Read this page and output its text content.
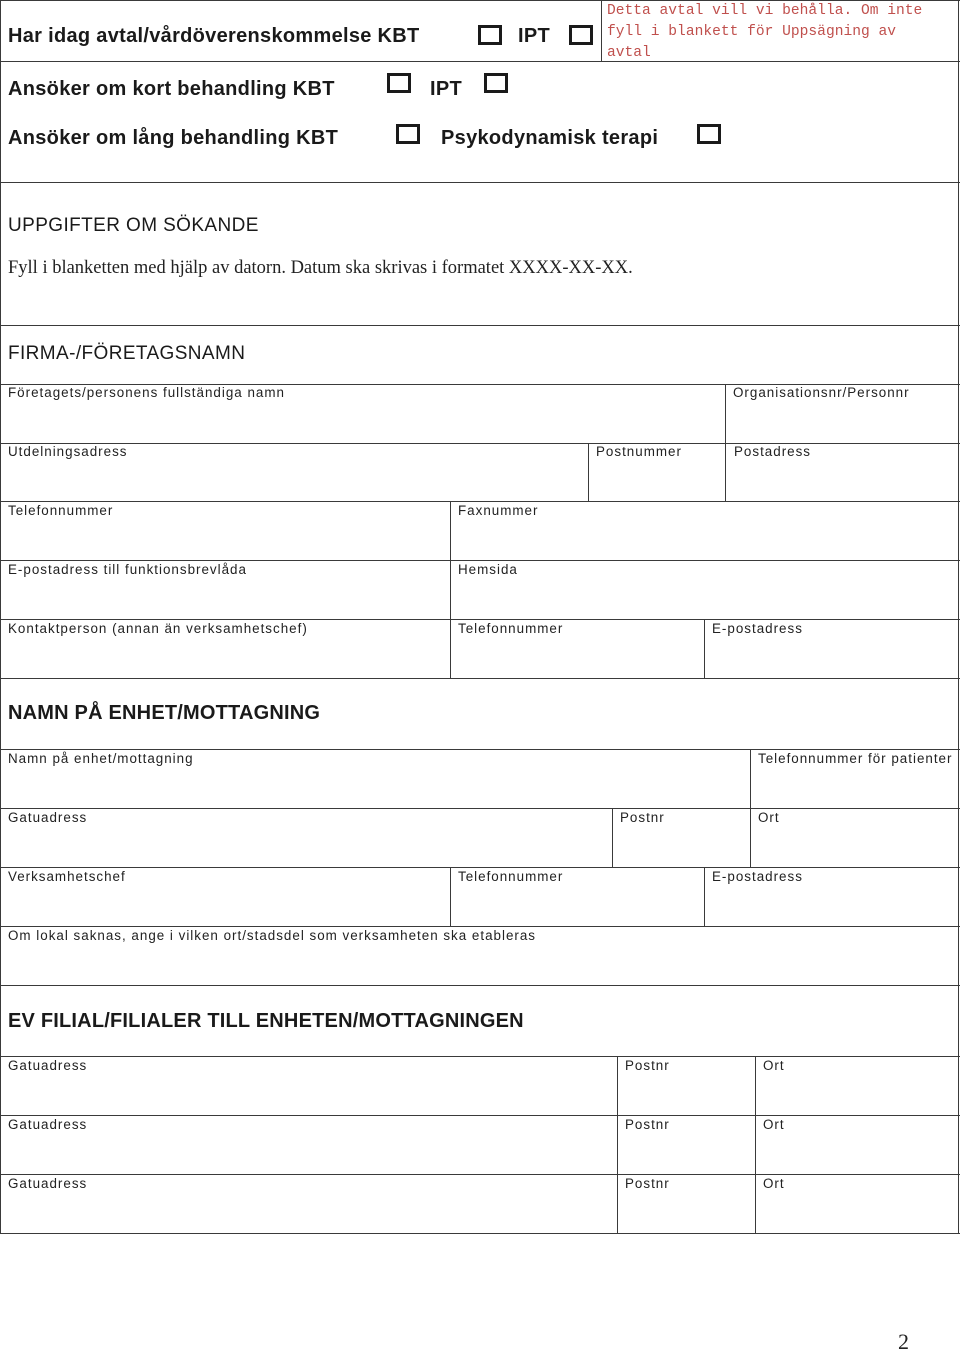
Har idag avtal/vårdöverenskommelse KBT	IPT
Detta avtal vill vi behålla. Om inte fyll i blankett för Uppsägning av avtal
Ansöker om kort behandling KBT	IPT
Ansöker om lång behandling KBT	Psykodynamisk terapi
UPPGIFTER OM SÖKANDE
Fyll i blanketten med hjälp av datorn. Datum ska skrivas i formatet XXXX-XX-XX.
FIRMA-/FÖRETAGSNAMN
Företagets/personens fullständiga namn	Organisationsnr/Personnr
Utdelningsadress	Postnummer	Postadress
Telefonnummer	Faxnummer
E-postadress till funktionsbrevlåda	Hemsida
Kontaktperson (annan än verksamhetschef)	Telefonnummer	E-postadress
NAMN PÅ ENHET/MOTTAGNING
Namn på enhet/mottagning	Telefonnummer för patienter
Gatuadress	Postnr	Ort
Verksamhetschef	Telefonnummer	E-postadress
Om lokal saknas, ange i vilken ort/stadsdel som verksamheten ska etableras
EV FILIAL/FILIALER TILL ENHETEN/MOTTAGNINGEN
Gatuadress	Postnr	Ort
Gatuadress	Postnr	Ort
Gatuadress	Postnr	Ort
2
